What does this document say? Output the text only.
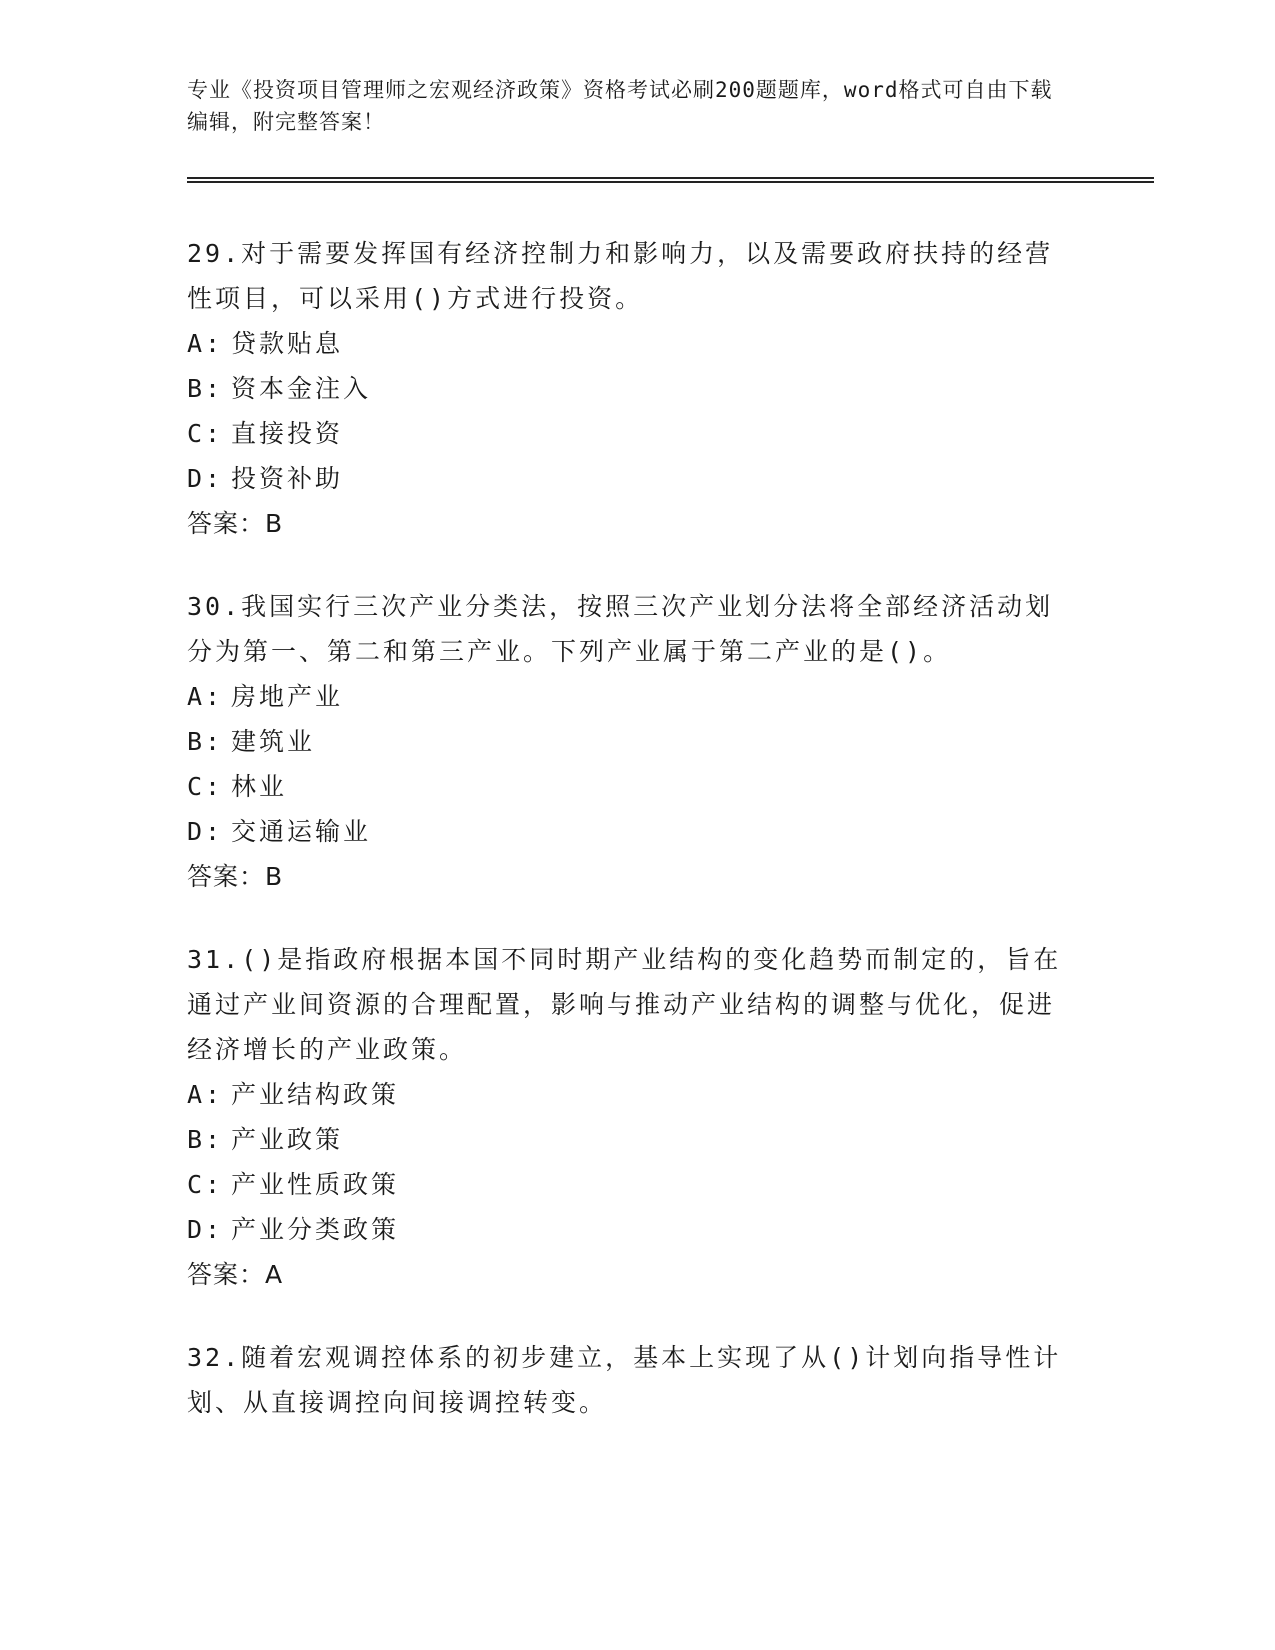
专业《投资项目管理师之宏观经济政策》资格考试必刷200题题库，word格式可自由下载编辑，附完整答案！
29.对于需要发挥国有经济控制力和影响力，以及需要政府扶持的经营性项目，可以采用()方式进行投资。
A: 贷款贴息
B: 资本金注入
C: 直接投资
D: 投资补助
答案：B
30.我国实行三次产业分类法，按照三次产业划分法将全部经济活动划分为第一、第二和第三产业。下列产业属于第二产业的是()。
A: 房地产业
B: 建筑业
C: 林业
D: 交通运输业
答案：B
31.()是指政府根据本国不同时期产业结构的变化趋势而制定的，旨在通过产业间资源的合理配置，影响与推动产业结构的调整与优化，促进经济增长的产业政策。
A: 产业结构政策
B: 产业政策
C: 产业性质政策
D: 产业分类政策
答案：A
32.随着宏观调控体系的初步建立，基本上实现了从()计划向指导性计划、从直接调控向间接调控转变。
